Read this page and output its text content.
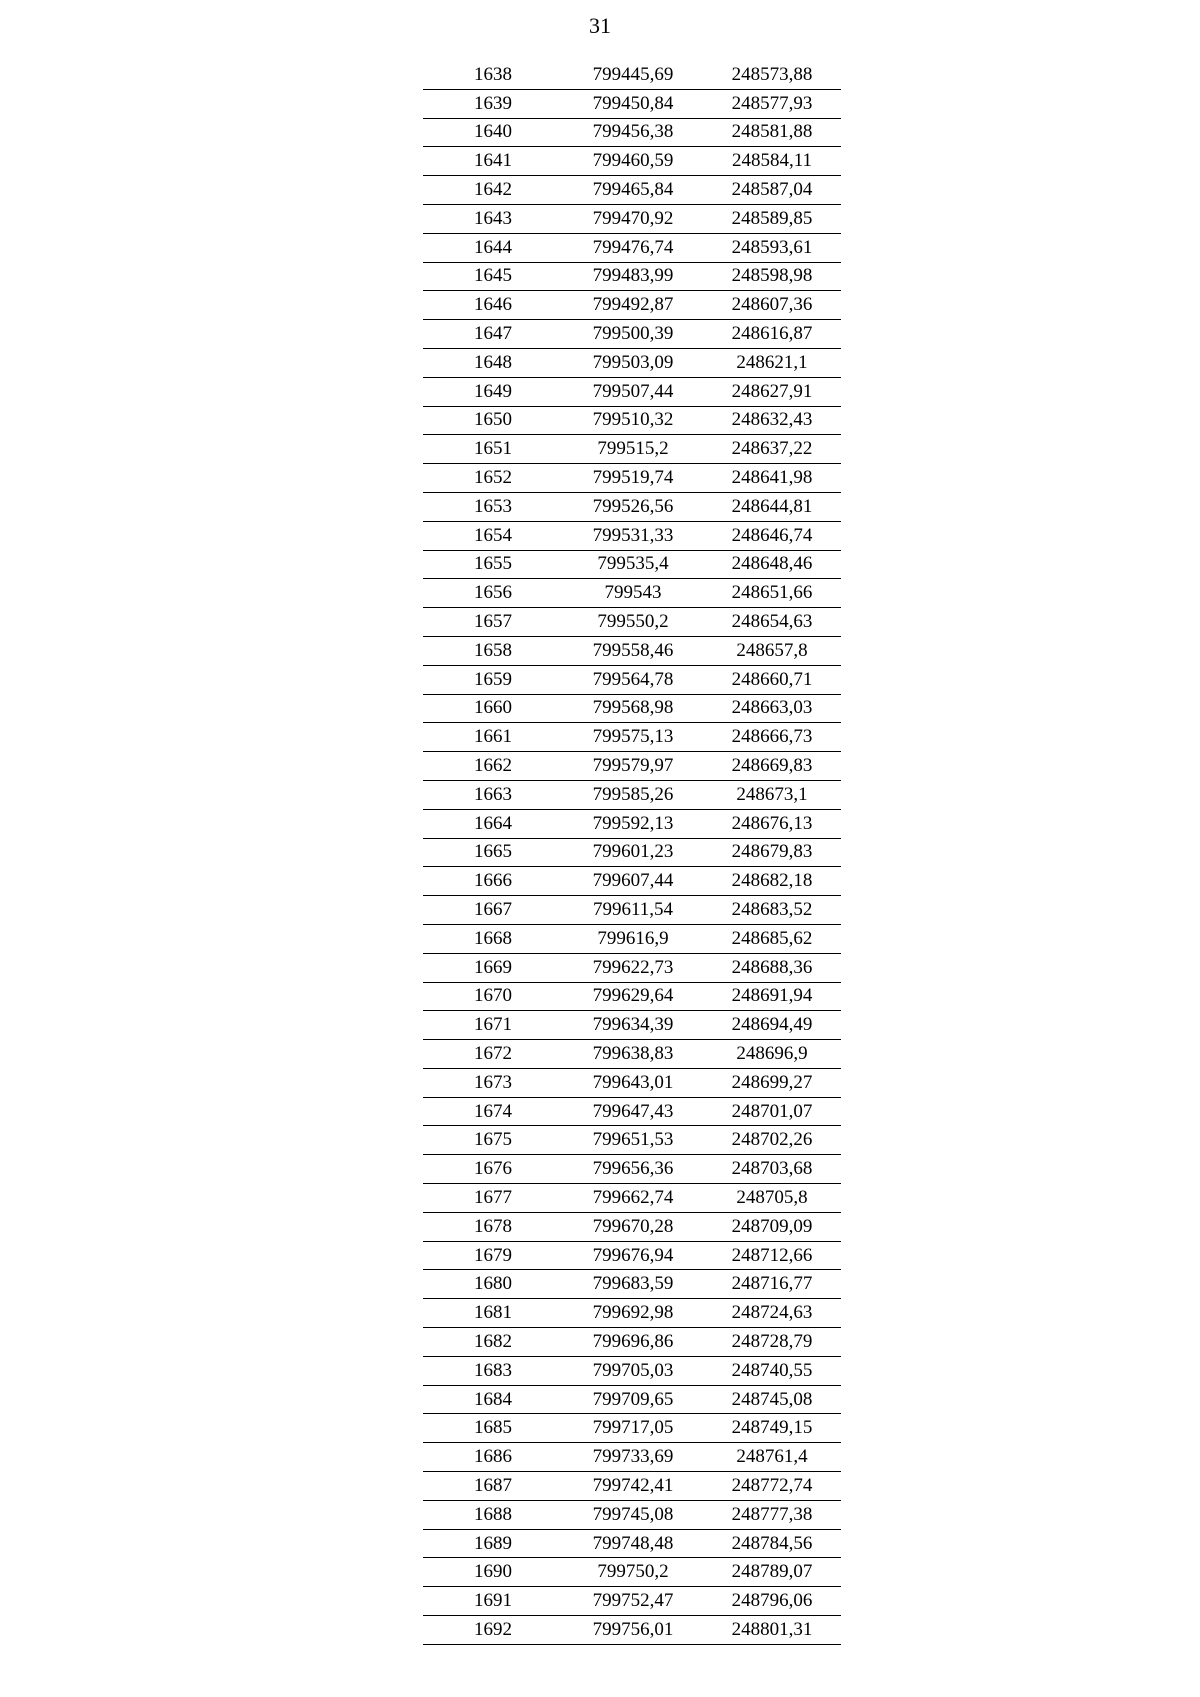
31
1638	799445,69	248573,88
1639	799450,84	248577,93
1640	799456,38	248581,88
1641	799460,59	248584,11
1642	799465,84	248587,04
1643	799470,92	248589,85
1644	799476,74	248593,61
1645	799483,99	248598,98
1646	799492,87	248607,36
1647	799500,39	248616,87
1648	799503,09	248621,1
1649	799507,44	248627,91
1650	799510,32	248632,43
1651	799515,2	248637,22
1652	799519,74	248641,98
1653	799526,56	248644,81
1654	799531,33	248646,74
1655	799535,4	248648,46
1656	799543	248651,66
1657	799550,2	248654,63
1658	799558,46	248657,8
1659	799564,78	248660,71
1660	799568,98	248663,03
1661	799575,13	248666,73
1662	799579,97	248669,83
1663	799585,26	248673,1
1664	799592,13	248676,13
1665	799601,23	248679,83
1666	799607,44	248682,18
1667	799611,54	248683,52
1668	799616,9	248685,62
1669	799622,73	248688,36
1670	799629,64	248691,94
1671	799634,39	248694,49
1672	799638,83	248696,9
1673	799643,01	248699,27
1674	799647,43	248701,07
1675	799651,53	248702,26
1676	799656,36	248703,68
1677	799662,74	248705,8
1678	799670,28	248709,09
1679	799676,94	248712,66
1680	799683,59	248716,77
1681	799692,98	248724,63
1682	799696,86	248728,79
1683	799705,03	248740,55
1684	799709,65	248745,08
1685	799717,05	248749,15
1686	799733,69	248761,4
1687	799742,41	248772,74
1688	799745,08	248777,38
1689	799748,48	248784,56
1690	799750,2	248789,07
1691	799752,47	248796,06
1692	799756,01	248801,31
